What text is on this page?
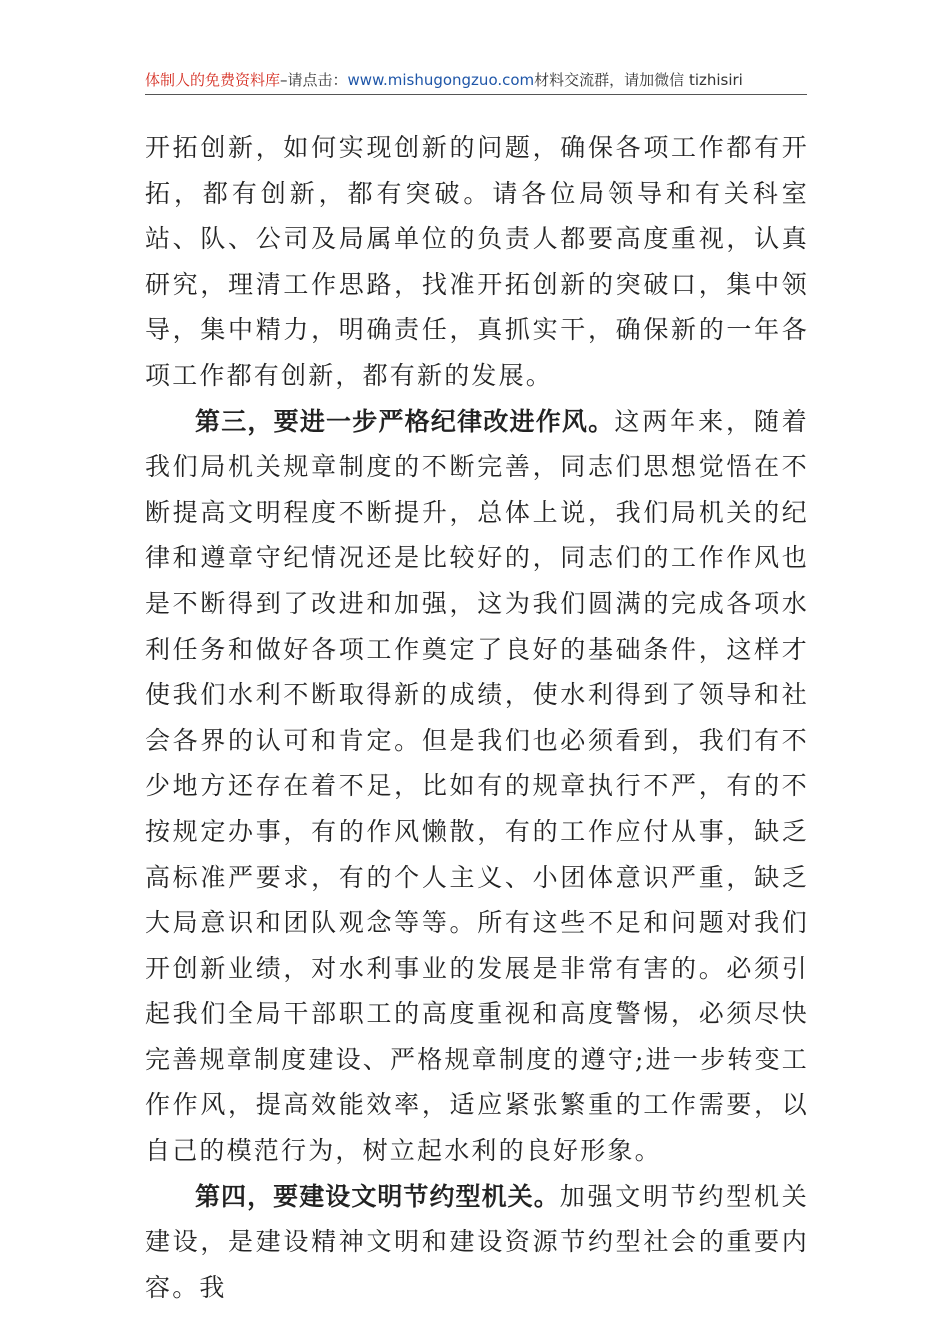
体制人的免费资料库–请点击：www.mishugongzuo.com材料交流群，请加微信 tizhisiri

开拓创新，如何实现创新的问题，确保各项工作都有开拓，都有创新，都有突破。请各位局领导和有关科室站、队、公司及局属单位的负责人都要高度重视，认真研究，理清工作思路，找准开拓创新的突破口，集中领导，集中精力，明确责任，真抓实干，确保新的一年各项工作都有创新，都有新的发展。

第三，要进一步严格纪律改进作风。这两年来，随着我们局机关规章制度的不断完善，同志们思想觉悟在不断提高文明程度不断提升，总体上说，我们局机关的纪律和遵章守纪情况还是比较好的，同志们的工作作风也是不断得到了改进和加强，这为我们圆满的完成各项水利任务和做好各项工作奠定了良好的基础条件，这样才使我们水利不断取得新的成绩，使水利得到了领导和社会各界的认可和肯定。但是我们也必须看到，我们有不少地方还存在着不足，比如有的规章执行不严，有的不按规定办事，有的作风懒散，有的工作应付从事，缺乏高标准严要求，有的个人主义、小团体意识严重，缺乏大局意识和团队观念等等。所有这些不足和问题对我们开创新业绩，对水利事业的发展是非常有害的。必须引起我们全局干部职工的高度重视和高度警惕，必须尽快完善规章制度建设、严格规章制度的遵守;进一步转变工作作风，提高效能效率，适应紧张繁重的工作需要，以自己的模范行为，树立起水利的良好形象。

第四，要建设文明节约型机关。加强文明节约型机关建设，是建设精神文明和建设资源节约型社会的重要内容。我
